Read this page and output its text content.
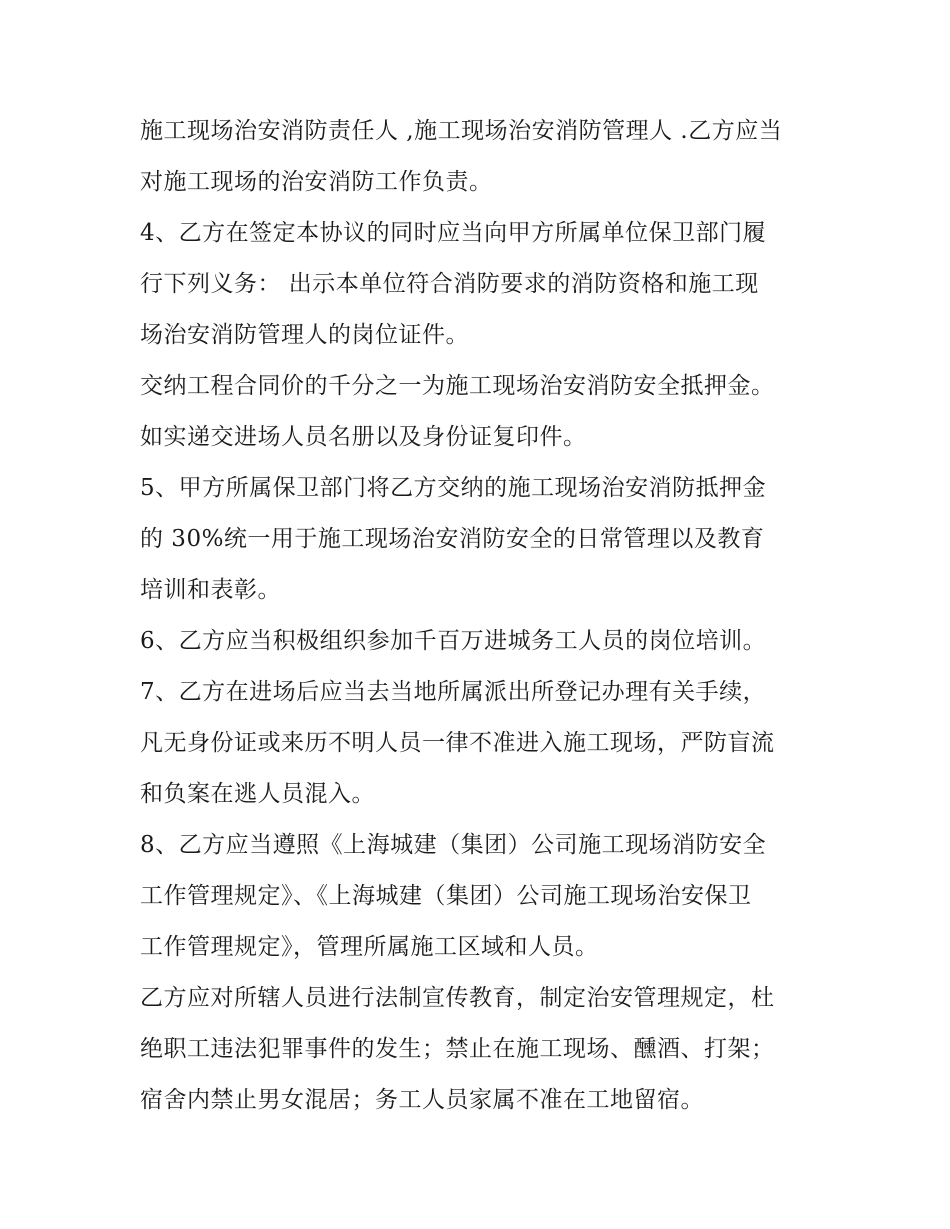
施工现场治安消防责任人 ,施工现场治安消防管理人 .乙方应当
对施工现场的治安消防工作负责。
4、乙方在签定本协议的同时应当向甲方所属单位保卫部门履
行下列义务： 出示本单位符合消防要求的消防资格和施工现
场治安消防管理人的岗位证件。
交纳工程合同价的千分之一为施工现场治安消防安全抵押金。
如实递交进场人员名册以及身份证复印件。
5、甲方所属保卫部门将乙方交纳的施工现场治安消防抵押金
的 30%统一用于施工现场治安消防安全的日常管理以及教育
培训和表彰。
6、乙方应当积极组织参加千百万进城务工人员的岗位培训。
7、乙方在进场后应当去当地所属派出所登记办理有关手续，
凡无身份证或来历不明人员一律不准进入施工现场，严防盲流
和负案在逃人员混入。
8、乙方应当遵照《上海城建（集团）公司施工现场消防安全
工作管理规定》、《上海城建（集团）公司施工现场治安保卫
工作管理规定》，管理所属施工区域和人员。
乙方应对所辖人员进行法制宣传教育，制定治安管理规定，杜
绝职工违法犯罪事件的发生；禁止在施工现场、醺酒、打架；
宿舍内禁止男女混居；务工人员家属不准在工地留宿。
